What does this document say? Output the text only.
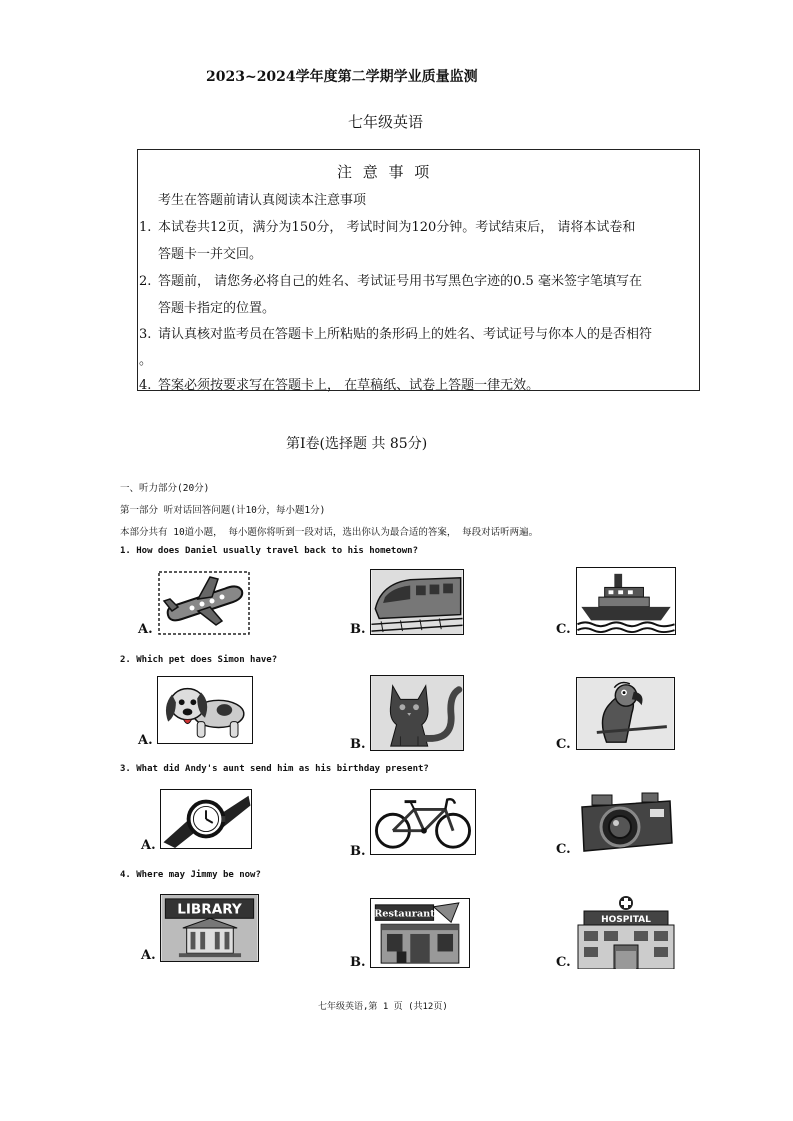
2023~2024学年度第二学期学业质量监测
七年级英语
注 意 事 项
考生在答题前请认真阅读本注意事项
1. 本试卷共12页，满分为150分， 考试时间为120分钟。考试结束后， 请将本试卷和
答题卡一并交回。
2. 答题前， 请您务必将自己的姓名、考试证号用书写黑色字迹的0.5 毫米签字笔填写在
答题卡指定的位置。
3. 请认真核对监考员在答题卡上所粘贴的条形码上的姓名、考试证号与你本人的是否相符
。
4. 答案必须按要求写在答题卡上， 在草稿纸、试卷上答题一律无效。
第Ⅰ卷(选择题 共 85分)
一、听力部分(20分)
第一部分 听对话回答问题(计10分，每小题1分)
本部分共有 10道小题， 每小题你将听到一段对话，选出你认为最合适的答案， 每段对话听两遍。
1. How does Daniel usually travel back to his hometown?
A.	B.	C.
2. Which pet does Simon have?
A.	B.	C.
3. What did Andy's aunt send him as his birthday present?
A.	B.	C.
4. Where may Jimmy be now?
LIBRARY
A.
Restaurant
B.
HOSPITAL
C.
七年级英语,第 1 页 (共12页)
